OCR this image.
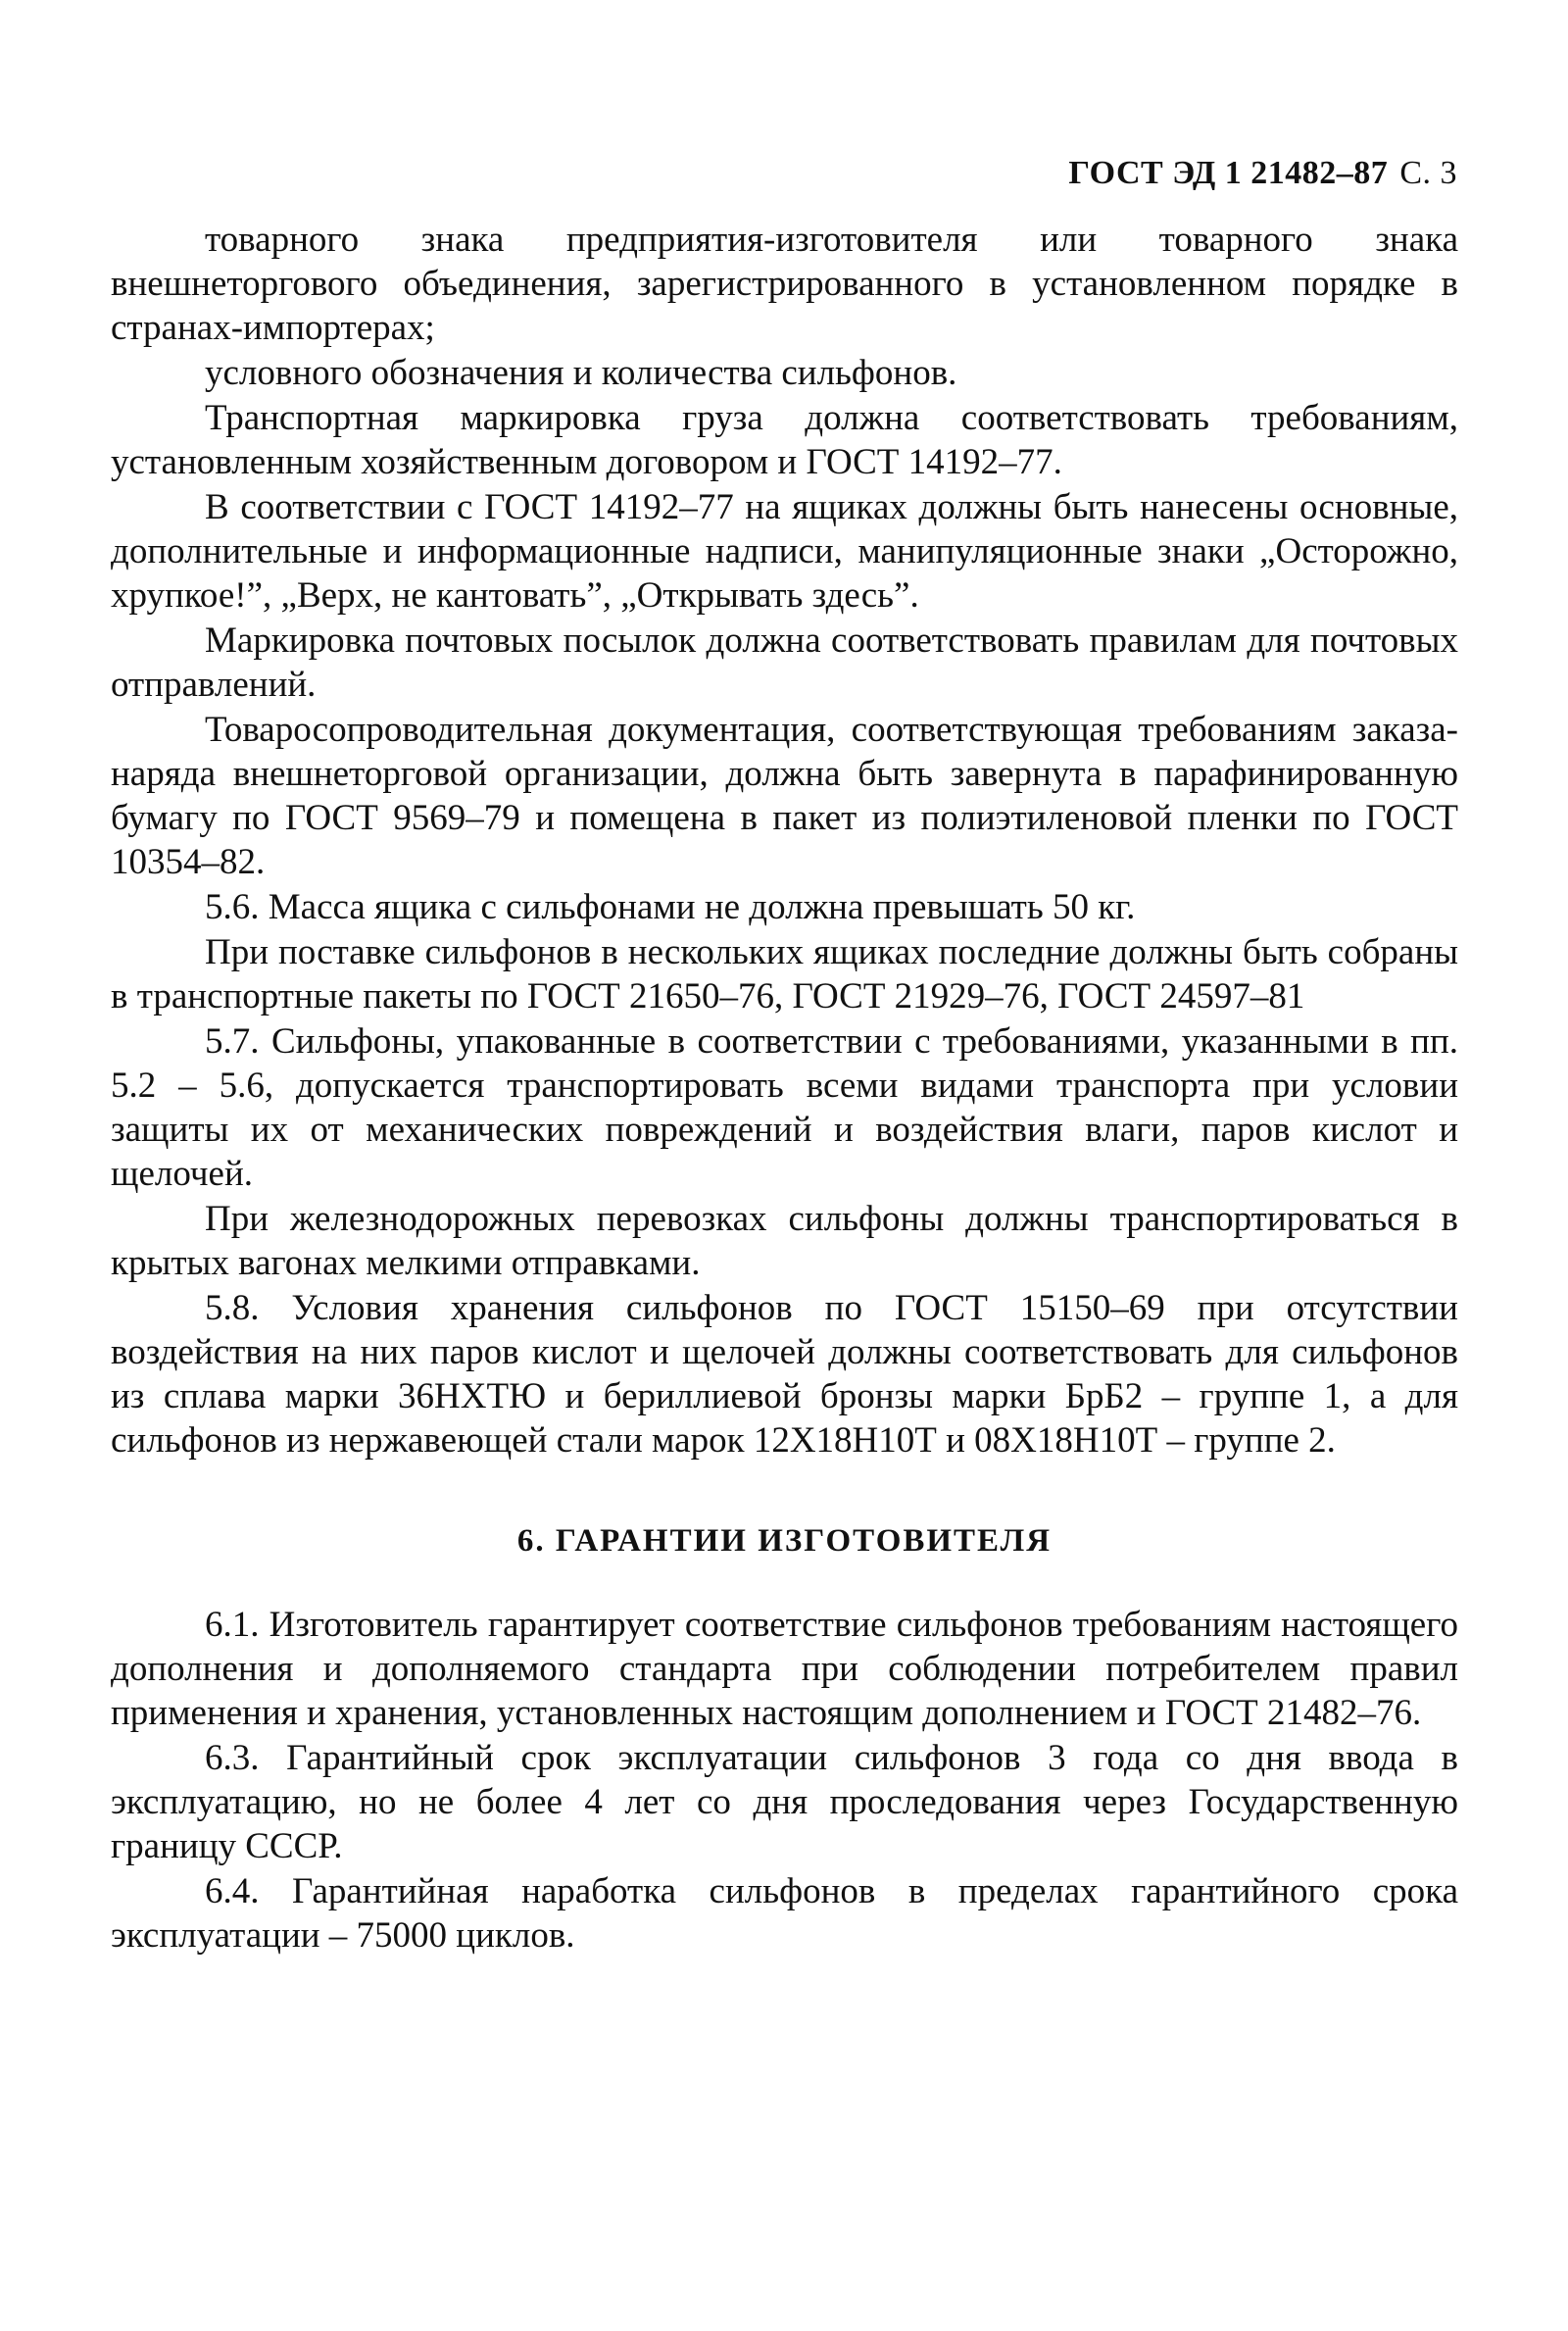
ГОСТ ЭД 1 21482–87 С. 3

товарного знака предприятия-изготовителя или товарного знака внешнеторгового объединения, зарегистрированного в установленном порядке в странах-импортерах;

условного обозначения и количества сильфонов.

Транспортная маркировка груза должна соответствовать требованиям, установленным хозяйственным договором и ГОСТ 14192–77.

В соответствии с ГОСТ 14192–77 на ящиках должны быть нанесены основные, дополнительные и информационные надписи, манипуляционные знаки „Осторожно, хрупкое!”, „Верх, не кантовать”, „Открывать здесь”.

Маркировка почтовых посылок должна соответствовать правилам для почтовых отправлений.

Товаросопроводительная документация, соответствующая требованиям заказа-наряда внешнеторговой организации, должна быть завернута в парафинированную бумагу по ГОСТ 9569–79 и помещена в пакет из полиэтиленовой пленки по ГОСТ 10354–82.

5.6. Масса ящика с сильфонами не должна превышать 50 кг.

При поставке сильфонов в нескольких ящиках последние должны быть собраны в транспортные пакеты по ГОСТ 21650–76, ГОСТ 21929–76, ГОСТ 24597–81

5.7. Сильфоны, упакованные в соответствии с требованиями, указанными в пп. 5.2 – 5.6, допускается транспортировать всеми видами транспорта при условии защиты их от механических повреждений и воздействия влаги, паров кислот и щелочей.

При железнодорожных перевозках сильфоны должны транспортироваться в крытых вагонах мелкими отправками.

5.8. Условия хранения сильфонов по ГОСТ 15150–69 при отсутствии воздействия на них паров кислот и щелочей должны соответствовать для сильфонов из сплава марки 36НХТЮ и бериллиевой бронзы марки БрБ2 – группе 1, а для сильфонов из нержавеющей стали марок 12Х18Н10Т и 08Х18Н10Т – группе 2.

6. ГАРАНТИИ ИЗГОТОВИТЕЛЯ

6.1. Изготовитель гарантирует соответствие сильфонов требованиям настоящего дополнения и дополняемого стандарта при соблюдении потребителем правил применения и хранения, установленных настоящим дополнением и ГОСТ 21482–76.

6.3. Гарантийный срок эксплуатации сильфонов 3 года со дня ввода в эксплуатацию, но не более 4 лет со дня проследования через Государственную границу СССР.

6.4. Гарантийная наработка сильфонов в пределах гарантийного срока эксплуатации – 75000 циклов.
